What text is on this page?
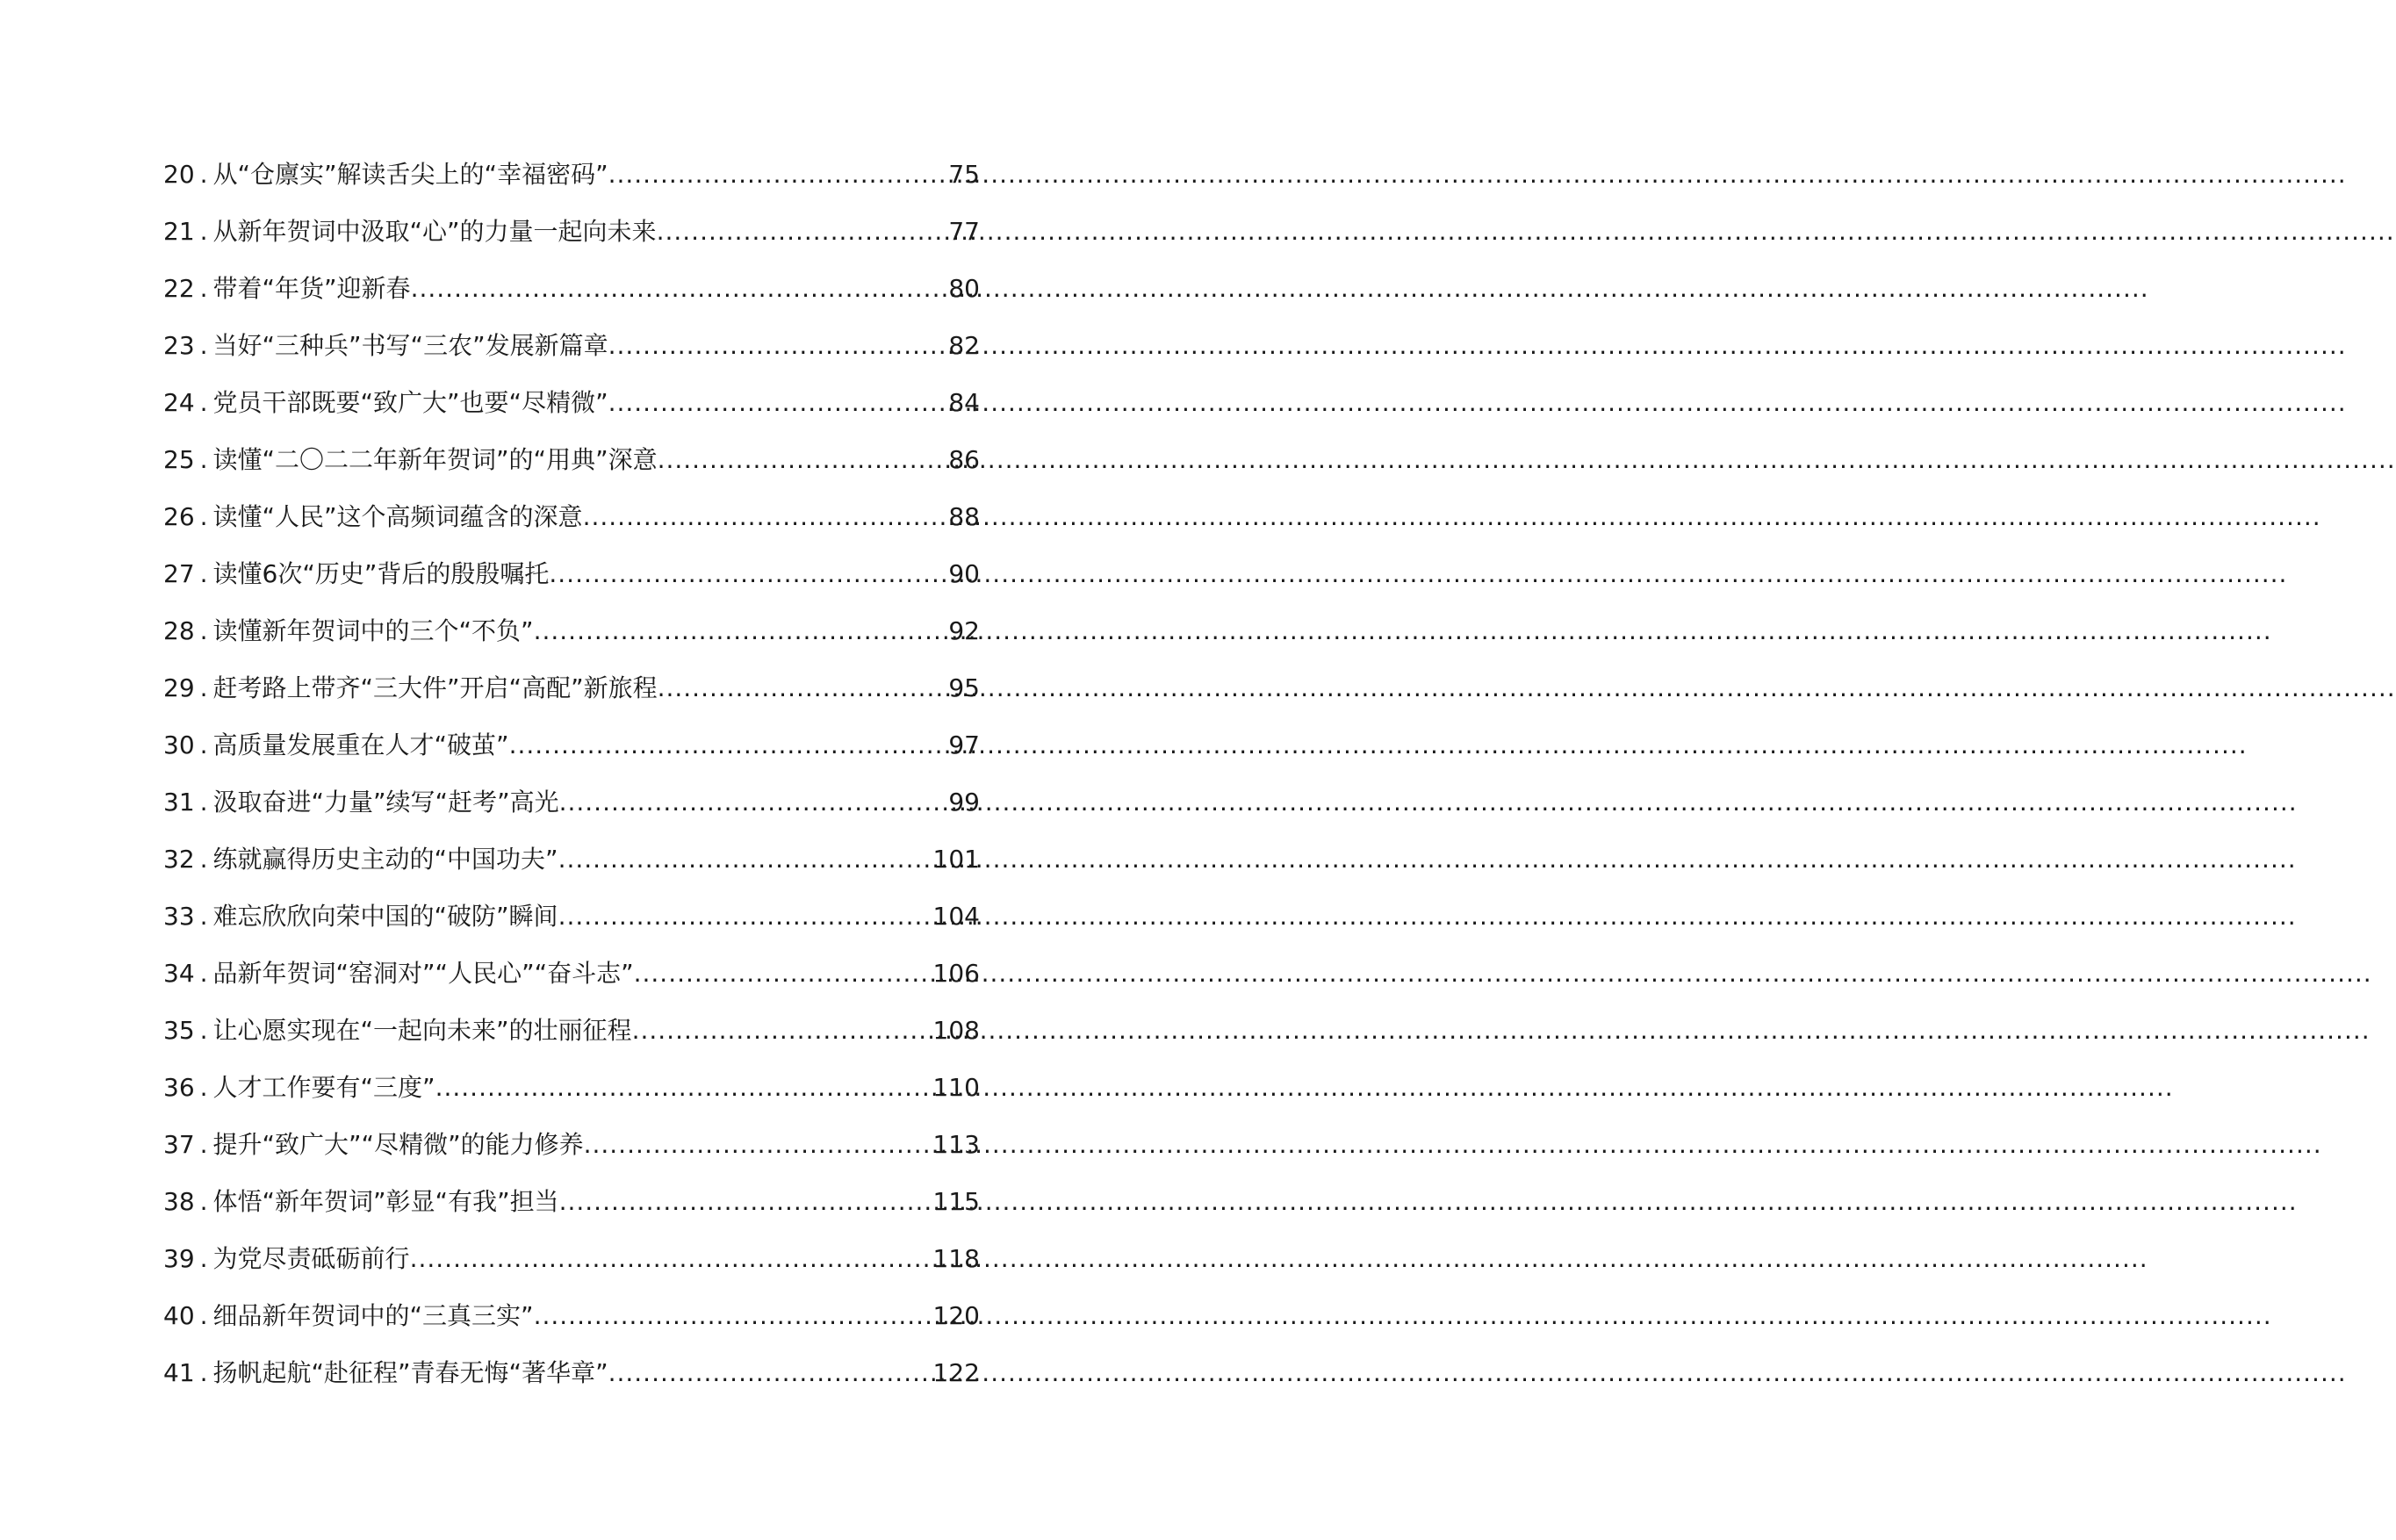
20 . 从“仓廪实”解读舌尖上的“幸福密码” .....	75
21 . 从新年贺词中汲取“心”的力量一起向未来 .....	77
22 . 带着“年货”迎新春 .....	80
23 . 当好“三种兵”书写“三农”发展新篇章 .....	82
24 . 党员干部既要“致广大”也要“尽精微” .....	84
25 . 读懂“二〇二二年新年贺词”的“用典”深意 .....	86
26 . 读懂“人民”这个高频词蕴含的深意 .....	88
27 . 读懂6次“历史”背后的殷殷嘱托 .....	90
28 . 读懂新年贺词中的三个“不负” .....	92
29 . 赶考路上带齐“三大件”开启“高配”新旅程 .....	95
30 . 高质量发展重在人才“破茧” .....	97
31 . 汲取奋进“力量”续写“赶考”高光 .....	99
32 . 练就赢得历史主动的“中国功夫” .....	101
33 . 难忘欣欣向荣中国的“破防”瞬间 .....	104
34 . 品新年贺词“窑洞对”“人民心”“奋斗志” .....	106
35 . 让心愿实现在“一起向未来”的壮丽征程 .....	108
36 . 人才工作要有“三度” .....	110
37 . 提升“致广大”“尽精微”的能力修养 .....	113
38 . 体悟“新年贺词”彰显“有我”担当 .....	115
39 . 为党尽责砥砺前行 .....	118
40 . 细品新年贺词中的“三真三实” .....	120
41 . 扬帆起航“赴征程”青春无悔“著华章” .....	122
